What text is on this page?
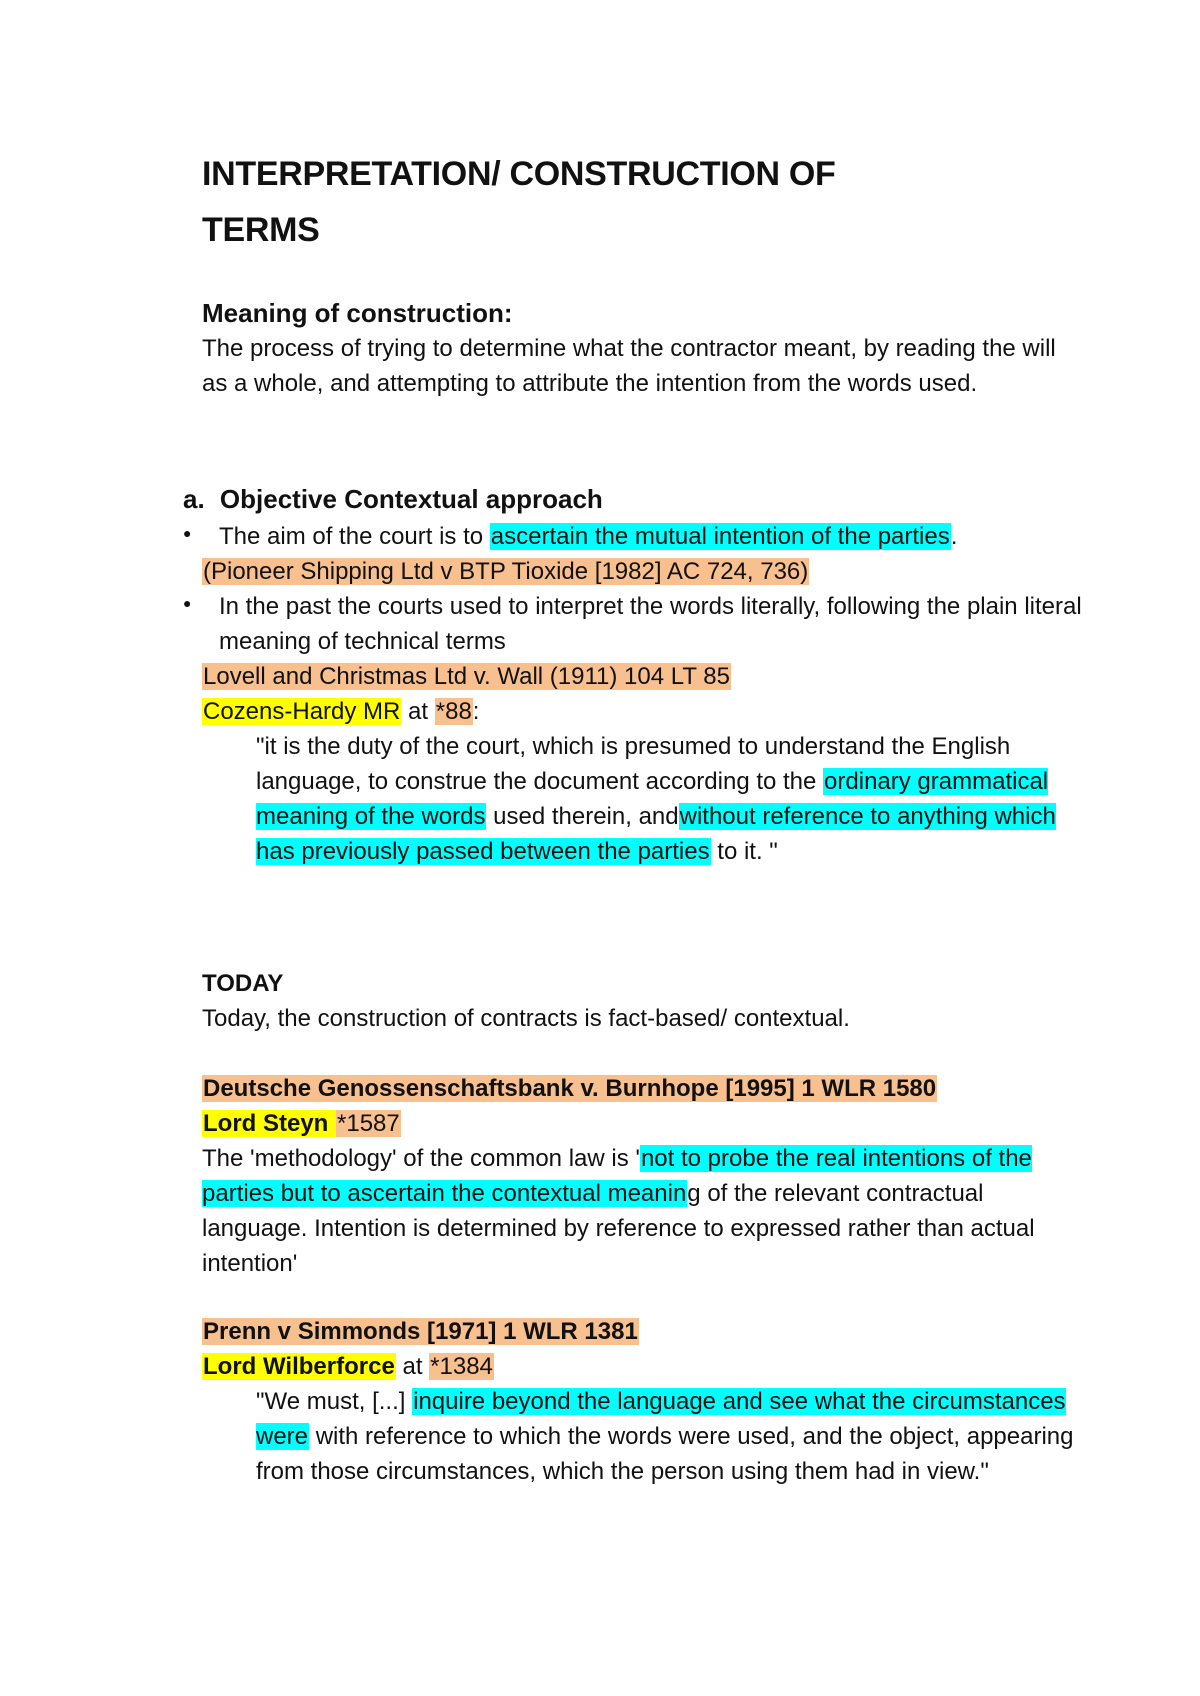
INTERPRETATION/ CONSTRUCTION OF TERMS
Meaning of construction:
The process of trying to determine what the contractor meant, by reading the will as a whole, and attempting to attribute the intention from the words used.
a. Objective Contextual approach
● The aim of the court is to ascertain the mutual intention of the parties.
(Pioneer Shipping Ltd v BTP Tioxide [1982] AC 724, 736)
● In the past the courts used to interpret the words literally, following the plain literal meaning of technical terms
Lovell and Christmas Ltd v. Wall (1911) 104 LT 85
Cozens-Hardy MR at *88:
"it is the duty of the court, which is presumed to understand the English language, to construe the document according to the ordinary grammatical meaning of the words used therein, andwithout reference to anything which has previously passed between the parties to it. "
TODAY
Today, the construction of contracts is fact-based/ contextual.
Deutsche Genossenschaftsbank v. Burnhope [1995] 1 WLR 1580
Lord Steyn *1587
The 'methodology' of the common law is 'not to probe the real intentions of the parties but to ascertain the contextual meaning of the relevant contractual language. Intention is determined by reference to expressed rather than actual intention'
Prenn v Simmonds [1971] 1 WLR 1381
Lord Wilberforce at *1384
"We must, [...] inquire beyond the language and see what the circumstances were with reference to which the words were used, and the object, appearing from those circumstances, which the person using them had in view."
